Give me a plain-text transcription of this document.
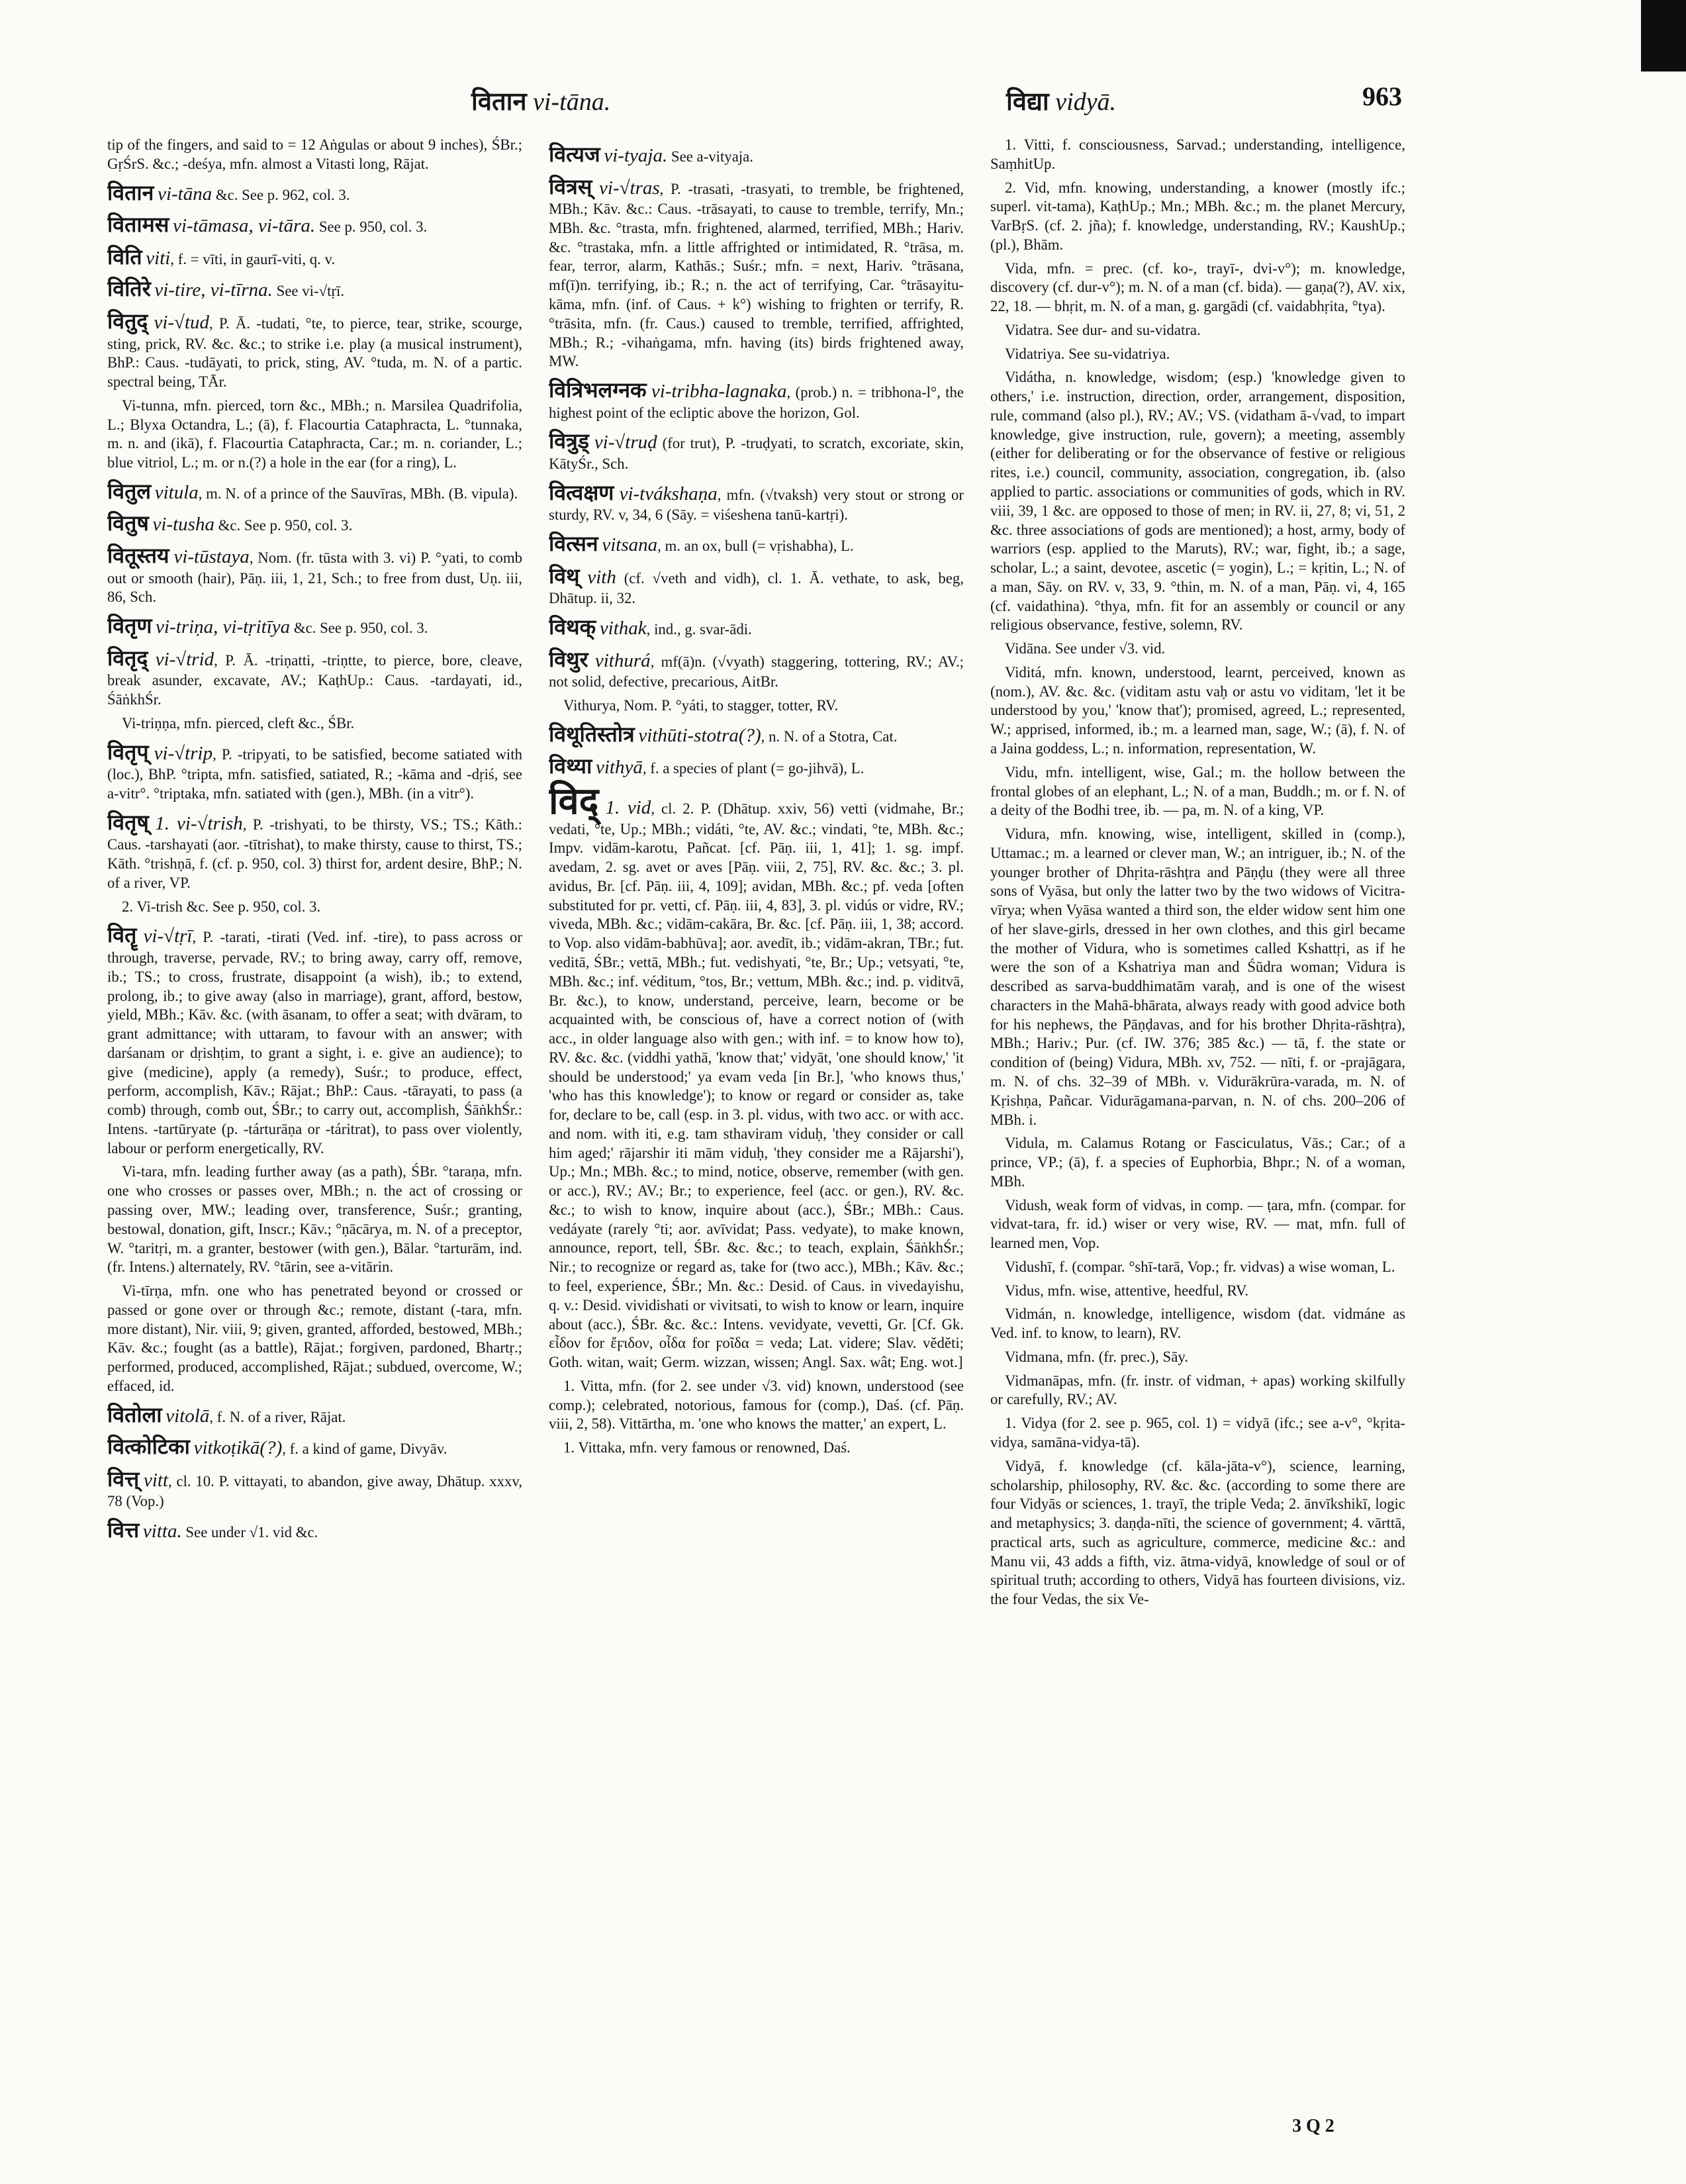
वितान vi-tāna.	विद्या vidyā.	963

tip of the fingers, and said to = 12 Aṅgulas or about 9 inches), ŚBr.; GṛŚrS. &c.; -deśya, mfn. almost a Vitasti long, Rājat.

वितान vi-tāna &c. See p. 962, col. 3.

वितामस vi-tāmasa, vi-tāra. See p. 950, col. 3.

विति viti, f. = vīti, in gaurī-viti, q. v.

वितिरे vi-tire, vi-tīrna. See vi-√tṛī.

वितुद् vi-√tud, P. Ā. -tudati, °te, to pierce, tear, strike, scourge, sting, prick, RV. &c. &c.; to strike i.e. play (a musical instrument), BhP.: Caus. -tudāyati, to prick, sting, AV. °tuda, m. N. of a partic. spectral being, TĀr.

Vi-tunna, mfn. pierced, torn &c., MBh.; n. Marsilea Quadrifolia, L.; Blyxa Octandra, L.; (ā), f. Flacourtia Cataphracta, L. °tunnaka, m. n. and (ikā), f. Flacourtia Cataphracta, Car.; m. n. coriander, L.; blue vitriol, L.; m. or n.(?) a hole in the ear (for a ring), L.

वितुल vitula, m. N. of a prince of the Sauvīras, MBh. (B. vipula).

वितुष vi-tusha &c. See p. 950, col. 3.

वितूस्तय vi-tūstaya, Nom. (fr. tūsta with 3. vi) P. °yati, to comb out or smooth (hair), Pāṇ. iii, 1, 21, Sch.; to free from dust, Uṇ. iii, 86, Sch.

वितृण vi-triṇa, vi-tṛitīya &c. See p. 950, col. 3.

वितृद् vi-√trid, P. Ā. -triṇatti, -triṇtte, to pierce, bore, cleave, break asunder, excavate, AV.; KaṭhUp.: Caus. -tardayati, id., ŚāṅkhŚr.

Vi-triṇṇa, mfn. pierced, cleft &c., ŚBr.

वितृप् vi-√trip, P. -tripyati, to be satisfied, become satiated with (loc.), BhP. °tripta, mfn. satisfied, satiated, R.; -kāma and -dṛiś, see a-vitr°. °triptaka, mfn. satiated with (gen.), MBh. (in a vitr°).

वितृष् 1. vi-√trish, P. -trishyati, to be thirsty, VS.; TS.; Kāth.: Caus. -tarshayati (aor. -tītrishat), to make thirsty, cause to thirst, TS.; Kāth. °trishṇā, f. (cf. p. 950, col. 3) thirst for, ardent desire, BhP.; N. of a river, VP.

2. Vi-trish &c. See p. 950, col. 3.

वितॄ vi-√tṛī, P. -tarati, -tirati (Ved. inf. -tire), to pass across or through, traverse, pervade, RV.; to bring away, carry off, remove, ib.; TS.; to cross, frustrate, disappoint (a wish), ib.; to extend, prolong, ib.; to give away (also in marriage), grant, afford, bestow, yield, MBh.; Kāv. &c. (with āsanam, to offer a seat; with dvāram, to grant admittance; with uttaram, to favour with an answer; with darśanam or dṛishṭim, to grant a sight, i. e. give an audience); to give (medicine), apply (a remedy), Suśr.; to produce, effect, perform, accomplish, Kāv.; Rājat.; BhP.: Caus. -tārayati, to pass (a comb) through, comb out, ŚBr.; to carry out, accomplish, ŚāṅkhŚr.: Intens. -tartūryate (p. -tárturāṇa or -táritrat), to pass over violently, labour or perform energetically, RV.

Vi-tara, mfn. leading further away (as a path), ŚBr. °taraṇa, mfn. one who crosses or passes over, MBh.; n. the act of crossing or passing over, MW.; leading over, transference, Suśr.; granting, bestowal, donation, gift, Inscr.; Kāv.; °ṇācārya, m. N. of a preceptor, W. °taritṛi, m. a granter, bestower (with gen.), Bālar. °tarturām, ind. (fr. Intens.) alternately, RV. °tārin, see a-vitārin.

Vi-tīrṇa, mfn. one who has penetrated beyond or crossed or passed or gone over or through &c.; remote, distant (-tara, mfn. more distant), Nir. viii, 9; given, granted, afforded, bestowed, MBh.; Kāv. &c.; fought (as a battle), Rājat.; forgiven, pardoned, Bhartṛ.; performed, produced, accomplished, Rājat.; subdued, overcome, W.; effaced, id.

वितोला vitolā, f. N. of a river, Rājat.

वित्कोटिका vitkoṭikā(?), f. a kind of game, Divyāv.

वित्त् vitt, cl. 10. P. vittayati, to abandon, give away, Dhātup. xxxv, 78 (Vop.)

वित्त vitta. See under √1. vid &c.

वित्यज vi-tyaja. See a-vityaja.

वित्रस् vi-√tras, P. -trasati, -trasyati, to tremble, be frightened, MBh.; Kāv. &c.: Caus. -trāsayati, to cause to tremble, terrify, Mn.; MBh. &c. °trasta, mfn. frightened, alarmed, terrified, MBh.; Hariv. &c. °trastaka, mfn. a little affrighted or intimidated, R. °trāsa, m. fear, terror, alarm, Kathās.; Suśr.; mfn. = next, Hariv. °trāsana, mf(ī)n. terrifying, ib.; R.; n. the act of terrifying, Car. °trāsayitu-kāma, mfn. (inf. of Caus. + k°) wishing to frighten or terrify, R. °trāsita, mfn. (fr. Caus.) caused to tremble, terrified, affrighted, MBh.; R.; -vihaṅgama, mfn. having (its) birds frightened away, MW.

वित्रिभलग्नक vi-tribha-lagnaka, (prob.) n. = tribhona-l°, the highest point of the ecliptic above the horizon, Gol.

वित्रुड् vi-√truḍ (for trut), P. -truḍyati, to scratch, excoriate, skin, KātyŚr., Sch.

वित्वक्षण vi-tvákshaṇa, mfn. (√tvaksh) very stout or strong or sturdy, RV. v, 34, 6 (Sāy. = viśeshena tanū-kartṛi).

वित्सन vitsana, m. an ox, bull (= vṛishabha), L.

विथ् vith (cf. √veth and vidh), cl. 1. Ā. vethate, to ask, beg, Dhātup. ii, 32.

विथक् vithak, ind., g. svar-ādi.

विथुर vithurá, mf(ā)n. (√vyath) staggering, tottering, RV.; AV.; not solid, defective, precarious, AitBr.

Vithurya, Nom. P. °yáti, to stagger, totter, RV.

विथूतिस्तोत्र vithūti-stotra(?), n. N. of a Stotra, Cat.

विथ्या vithyā, f. a species of plant (= go-jihvā), L.

विद् 1. vid, cl. 2. P. (Dhātup. xxiv, 56) vetti (vidmahe, Br.; vedati, °te, Up.; MBh.; vidáti, °te, AV. &c.; vindati, °te, MBh. &c.; Impv. vidām-karotu, Pañcat. [cf. Pāṇ. iii, 1, 41]; 1. sg. impf. avedam, 2. sg. avet or aves [Pāṇ. viii, 2, 75], RV. &c. &c.; 3. pl. avidus, Br. [cf. Pāṇ. iii, 4, 109]; avidan, MBh. &c.; pf. veda [often substituted for pr. vetti, cf. Pāṇ. iii, 4, 83], 3. pl. vidús or vidre, RV.; viveda, MBh. &c.; vidām-cakāra, Br. &c. [cf. Pāṇ. iii, 1, 38; accord. to Vop. also vidām-babhūva]; aor. avedīt, ib.; vidām-akran, TBr.; fut. veditā, ŚBr.; vettā, MBh.; fut. vedishyati, °te, Br.; Up.; vetsyati, °te, MBh. &c.; inf. véditum, °tos, Br.; vettum, MBh. &c.; ind. p. viditvā, Br. &c.), to know, understand, perceive, learn, become or be acquainted with, be conscious of, have a correct notion of (with acc., in older language also with gen.; with inf. = to know how to), RV. &c. &c. (viddhi yathā, 'know that;' vidyāt, 'one should know,' 'it should be understood;' ya evam veda [in Br.], 'who knows thus,' 'who has this knowledge'); to know or regard or consider as, take for, declare to be, call (esp. in 3. pl. vidus, with two acc. or with acc. and nom. with iti, e.g. tam sthaviram viduḥ, 'they consider or call him aged;' rājarshir iti mām viduḥ, 'they consider me a Rājarshi'), Up.; Mn.; MBh. &c.; to mind, notice, observe, remember (with gen. or acc.), RV.; AV.; Br.; to experience, feel (acc. or gen.), RV. &c. &c.; to wish to know, inquire about (acc.), ŚBr.; MBh.: Caus. vedáyate (rarely °ti; aor. avīvidat; Pass. vedyate), to make known, announce, report, tell, ŚBr. &c. &c.; to teach, explain, ŚāṅkhŚr.; Nir.; to recognize or regard as, take for (two acc.), MBh.; Kāv. &c.; to feel, experience, ŚBr.; Mn. &c.: Desid. of Caus. in vivedayishu, q. v.: Desid. vividishati or vivitsati, to wish to know or learn, inquire about (acc.), ŚBr. &c. &c.: Intens. vevidyate, vevetti, Gr. [Cf. Gk. εἶδον for ἔϝιδον, οἶδα for ϝοῖδα = veda; Lat. videre; Slav. vĕdĕti; Goth. witan, wait; Germ. wizzan, wissen; Angl. Sax. wât; Eng. wot.]

1. Vitta, mfn. (for 2. see under √3. vid) known, understood (see comp.); celebrated, notorious, famous for (comp.), Daś. (cf. Pāṇ. viii, 2, 58). Vittārtha, m. 'one who knows the matter,' an expert, L.

1. Vittaka, mfn. very famous or renowned, Daś.

1. Vitti, f. consciousness, Sarvad.; understanding, intelligence, SaṃhitUp.

2. Vid, mfn. knowing, understanding, a knower (mostly ifc.; superl. vit-tama), KaṭhUp.; Mn.; MBh. &c.; m. the planet Mercury, VarBṛS. (cf. 2. jña); f. knowledge, understanding, RV.; KaushUp.; (pl.), Bhām.

Vida, mfn. = prec. (cf. ko-, trayī-, dvi-v°); m. knowledge, discovery (cf. dur-v°); m. N. of a man (cf. bida). — gaṇa(?), AV. xix, 22, 18. — bhṛit, m. N. of a man, g. gargādi (cf. vaidabhṛita, °tya).

Vidatra. See dur- and su-vidatra.

Vidatriya. See su-vidatriya.

Vidátha, n. knowledge, wisdom; (esp.) 'knowledge given to others,' i.e. instruction, direction, order, arrangement, disposition, rule, command (also pl.), RV.; AV.; VS. (vidatham ā-√vad, to impart knowledge, give instruction, rule, govern); a meeting, assembly (either for deliberating or for the observance of festive or religious rites, i.e.) council, community, association, congregation, ib. (also applied to partic. associations or communities of gods, which in RV. viii, 39, 1 &c. are opposed to those of men; in RV. ii, 27, 8; vi, 51, 2 &c. three associations of gods are mentioned); a host, army, body of warriors (esp. applied to the Maruts), RV.; war, fight, ib.; a sage, scholar, L.; a saint, devotee, ascetic (= yogin), L.; = kṛitin, L.; N. of a man, Sāy. on RV. v, 33, 9. °thin, m. N. of a man, Pāṇ. vi, 4, 165 (cf. vaidathina). °thya, mfn. fit for an assembly or council or any religious observance, festive, solemn, RV.

Vidāna. See under √3. vid.

Viditá, mfn. known, understood, learnt, perceived, known as (nom.), AV. &c. &c. (viditam astu vaḥ or astu vo viditam, 'let it be understood by you,' 'know that'); promised, agreed, L.; represented, W.; apprised, informed, ib.; m. a learned man, sage, W.; (ā), f. N. of a Jaina goddess, L.; n. information, representation, W.

Vidu, mfn. intelligent, wise, Gal.; m. the hollow between the frontal globes of an elephant, L.; N. of a man, Buddh.; m. or f. N. of a deity of the Bodhi tree, ib. — pa, m. N. of a king, VP.

Vidura, mfn. knowing, wise, intelligent, skilled in (comp.), Uttamac.; m. a learned or clever man, W.; an intriguer, ib.; N. of the younger brother of Dhṛita-rāshṭra and Pāṇḍu (they were all three sons of Vyāsa, but only the latter two by the two widows of Vicitra-vīrya; when Vyāsa wanted a third son, the elder widow sent him one of her slave-girls, dressed in her own clothes, and this girl became the mother of Vidura, who is sometimes called Kshattṛi, as if he were the son of a Kshatriya man and Śūdra woman; Vidura is described as sarva-buddhimatām varaḥ, and is one of the wisest characters in the Mahā-bhārata, always ready with good advice both for his nephews, the Pāṇḍavas, and for his brother Dhṛita-rāshṭra), MBh.; Hariv.; Pur. (cf. IW. 376; 385 &c.) — tā, f. the state or condition of (being) Vidura, MBh. xv, 752. — nīti, f. or -prajāgara, m. N. of chs. 32–39 of MBh. v. Vidurākrūra-varada, m. N. of Kṛishṇa, Pañcar. Vidurāgamana-parvan, n. N. of chs. 200–206 of MBh. i.

Vidula, m. Calamus Rotang or Fasciculatus, Vās.; Car.; of a prince, VP.; (ā), f. a species of Euphorbia, Bhpr.; N. of a woman, MBh.

Vidush, weak form of vidvas, in comp. — ṭara, mfn. (compar. for vidvat-tara, fr. id.) wiser or very wise, RV. — mat, mfn. full of learned men, Vop.

Vidushī, f. (compar. °shī-tarā, Vop.; fr. vidvas) a wise woman, L.

Vidus, mfn. wise, attentive, heedful, RV.

Vidmán, n. knowledge, intelligence, wisdom (dat. vidmáne as Ved. inf. to know, to learn), RV.

Vidmana, mfn. (fr. prec.), Sāy.

Vidmanāpas, mfn. (fr. instr. of vidman, + apas) working skilfully or carefully, RV.; AV.

1. Vidya (for 2. see p. 965, col. 1) = vidyā (ifc.; see a-v°, °kṛita-vidya, samāna-vidya-tā).

Vidyā, f. knowledge (cf. kāla-jāta-v°), science, learning, scholarship, philosophy, RV. &c. &c. (according to some there are four Vidyās or sciences, 1. trayī, the triple Veda; 2. ānvīkshikī, logic and metaphysics; 3. daṇḍa-nīti, the science of government; 4. vārttā, practical arts, such as agriculture, commerce, medicine &c.: and Manu vii, 43 adds a fifth, viz. ātma-vidyā, knowledge of soul or of spiritual truth; according to others, Vidyā has fourteen divisions, viz. the four Vedas, the six Ve-

3 Q 2
